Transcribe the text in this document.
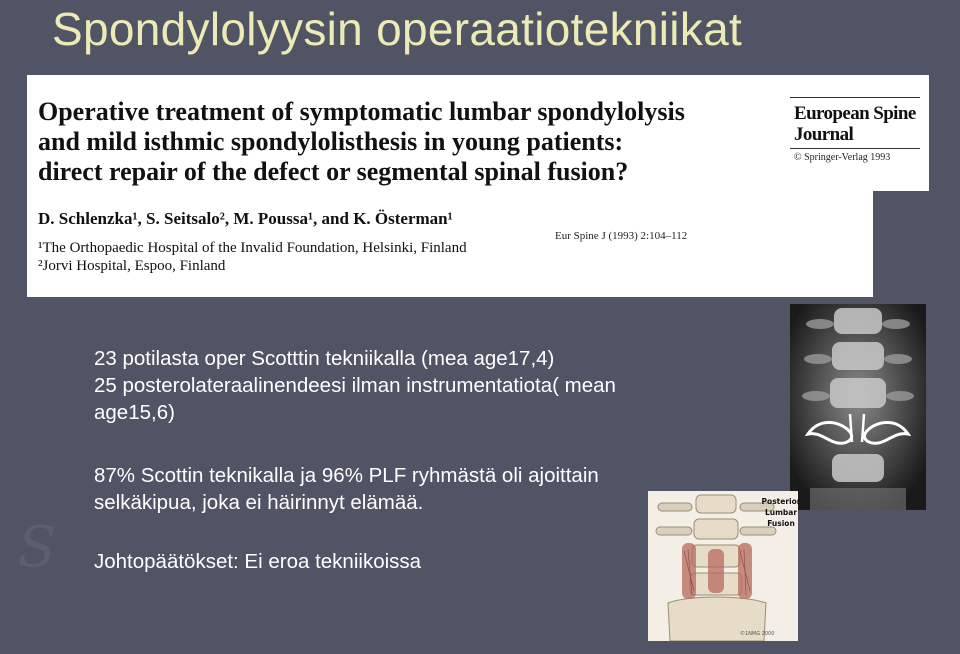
Spondylolyysin operaatiotekniikat
Operative treatment of symptomatic lumbar spondylolysis
and mild isthmic spondylolisthesis in young patients:
direct repair of the defect or segmental spinal fusion?
D. Schlenzka¹, S. Seitsalo², M. Poussa¹, and K. Österman¹
¹The Orthopaedic Hospital of the Invalid Foundation, Helsinki, Finland
²Jorvi Hospital, Espoo, Finland
Eur Spine J (1993) 2:104–112
European Spine Journal
© Springer-Verlag 1993
S
23 potilasta oper Scotttin tekniikalla (mea age17,4)
25 posterolateraalinendeesi ilman instrumentatiota( mean
age15,6)
87% Scottin teknikalla ja 96% PLF ryhmästä oli ajoittain
selkäkipua, joka ei häirinnyt elämää.
Johtopäätökset: Ei eroa tekniikoissa
Posterior
Lumbar
Fusion
©1NMG 2000
